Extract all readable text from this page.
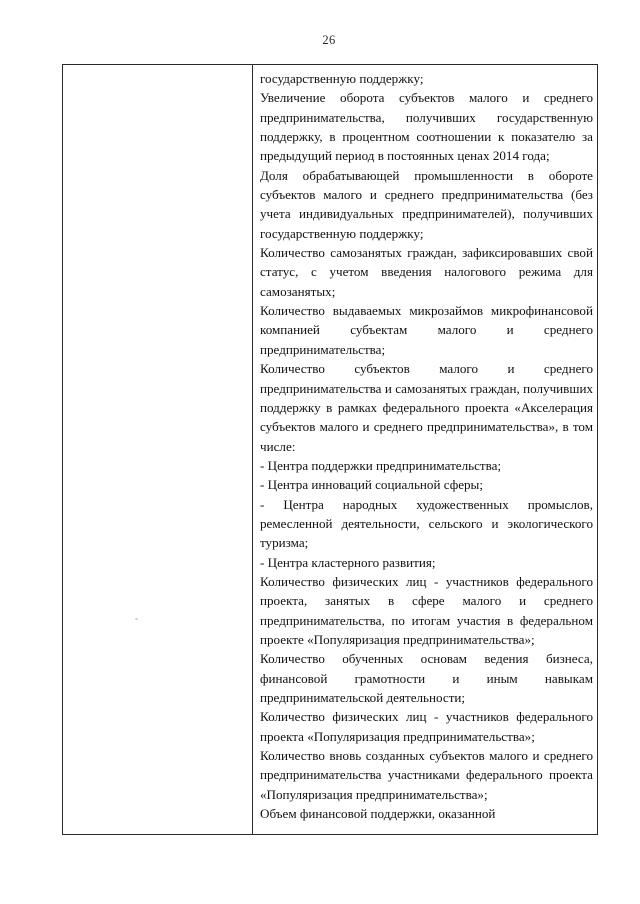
26

государственную поддержку;

Увеличение оборота субъектов малого и среднего предпринимательства, получивших государственную поддержку, в процентном соотношении к показателю за предыдущий период в постоянных ценах 2014 года;

Доля обрабатывающей промышленности в обороте субъектов малого и среднего предпринимательства (без учета индивидуальных предпринимателей), получивших государственную поддержку;

Количество самозанятых граждан, зафиксировавших свой статус, с учетом введения налогового режима для самозанятых;

Количество выдаваемых микрозаймов микрофинансовой компанией субъектам малого и среднего предпринимательства;

Количество субъектов малого и среднего предпринимательства и самозанятых граждан, получивших поддержку в рамках федерального проекта «Акселерация субъектов малого и среднего предпринимательства», в том числе:

- Центра поддержки предпринимательства;

- Центра инноваций социальной сферы;

- Центра народных художественных промыслов, ремесленной деятельности, сельского и экологического туризма;

- Центра кластерного развития;

Количество физических лиц - участников федерального проекта, занятых в сфере малого и среднего предпринимательства, по итогам участия в федеральном проекте «Популяризация предпринимательства»;

Количество обученных основам ведения бизнеса, финансовой грамотности и иным навыкам предпринимательской деятельности;

Количество физических лиц - участников федерального проекта «Популяризация предпринимательства»;

Количество вновь созданных субъектов малого и среднего предпринимательства участниками федерального проекта «Популяризация предпринимательства»;

Объем финансовой поддержки, оказанной
